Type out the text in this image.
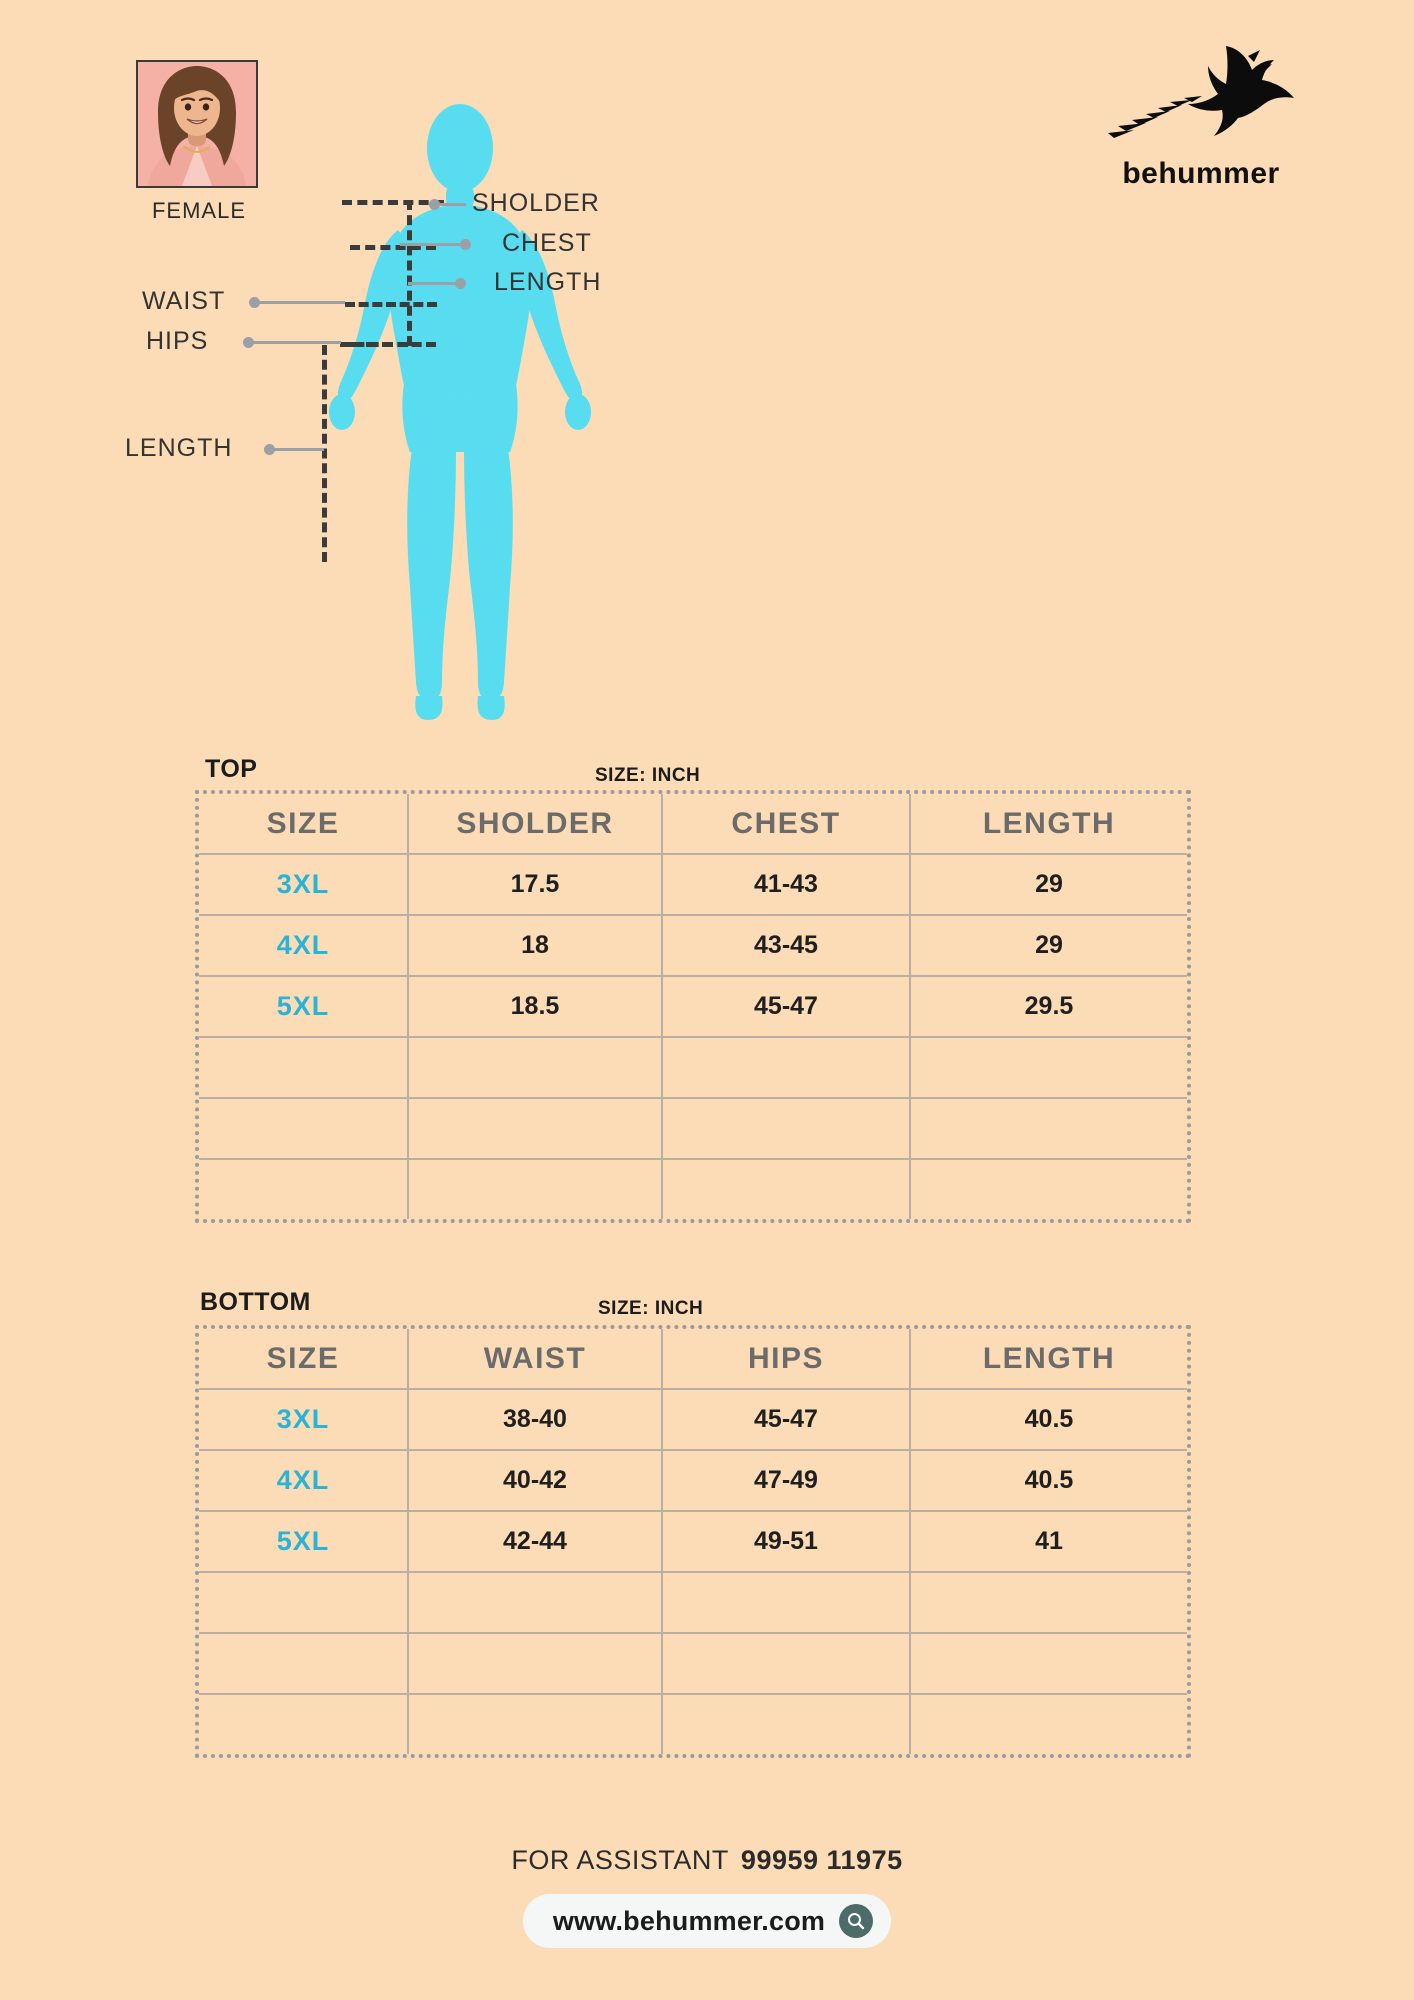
FEMALE
behummer
SHOLDER
CHEST
LENGTH
WAIST
HIPS
LENGTH
TOP	SIZE: INCH
SIZE	SHOLDER	CHEST	LENGTH
3XL	17.5	41-43	29
4XL	18	43-45	29
5XL	18.5	45-47	29.5

BOTTOM	SIZE: INCH
SIZE	WAIST	HIPS	LENGTH
3XL	38-40	45-47	40.5
4XL	40-42	47-49	40.5
5XL	42-44	49-51	41

FOR ASSISTANT 99959 11975
www.behummer.com
